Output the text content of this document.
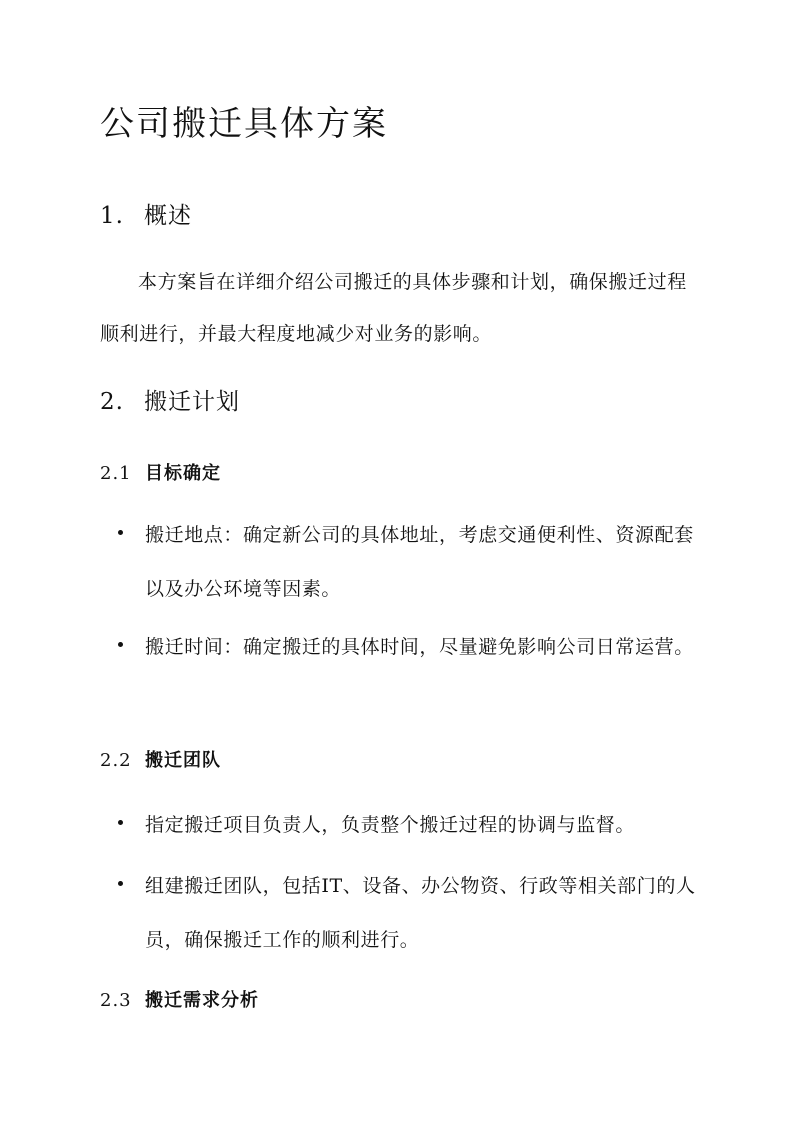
公司搬迁具体方案
1. 概述

本方案旨在详细介绍公司搬迁的具体步骤和计划，确保搬迁过程顺利进行，并最大程度地减少对业务的影响。

2. 搬迁计划
2.1 目标确定
搬迁地点：确定新公司的具体地址，考虑交通便利性、资源配套以及办公环境等因素。
搬迁时间：确定搬迁的具体时间，尽量避免影响公司日常运营。
2.2 搬迁团队
指定搬迁项目负责人，负责整个搬迁过程的协调与监督。
组建搬迁团队，包括IT、设备、办公物资、行政等相关部门的人员，确保搬迁工作的顺利进行。
2.3 搬迁需求分析
